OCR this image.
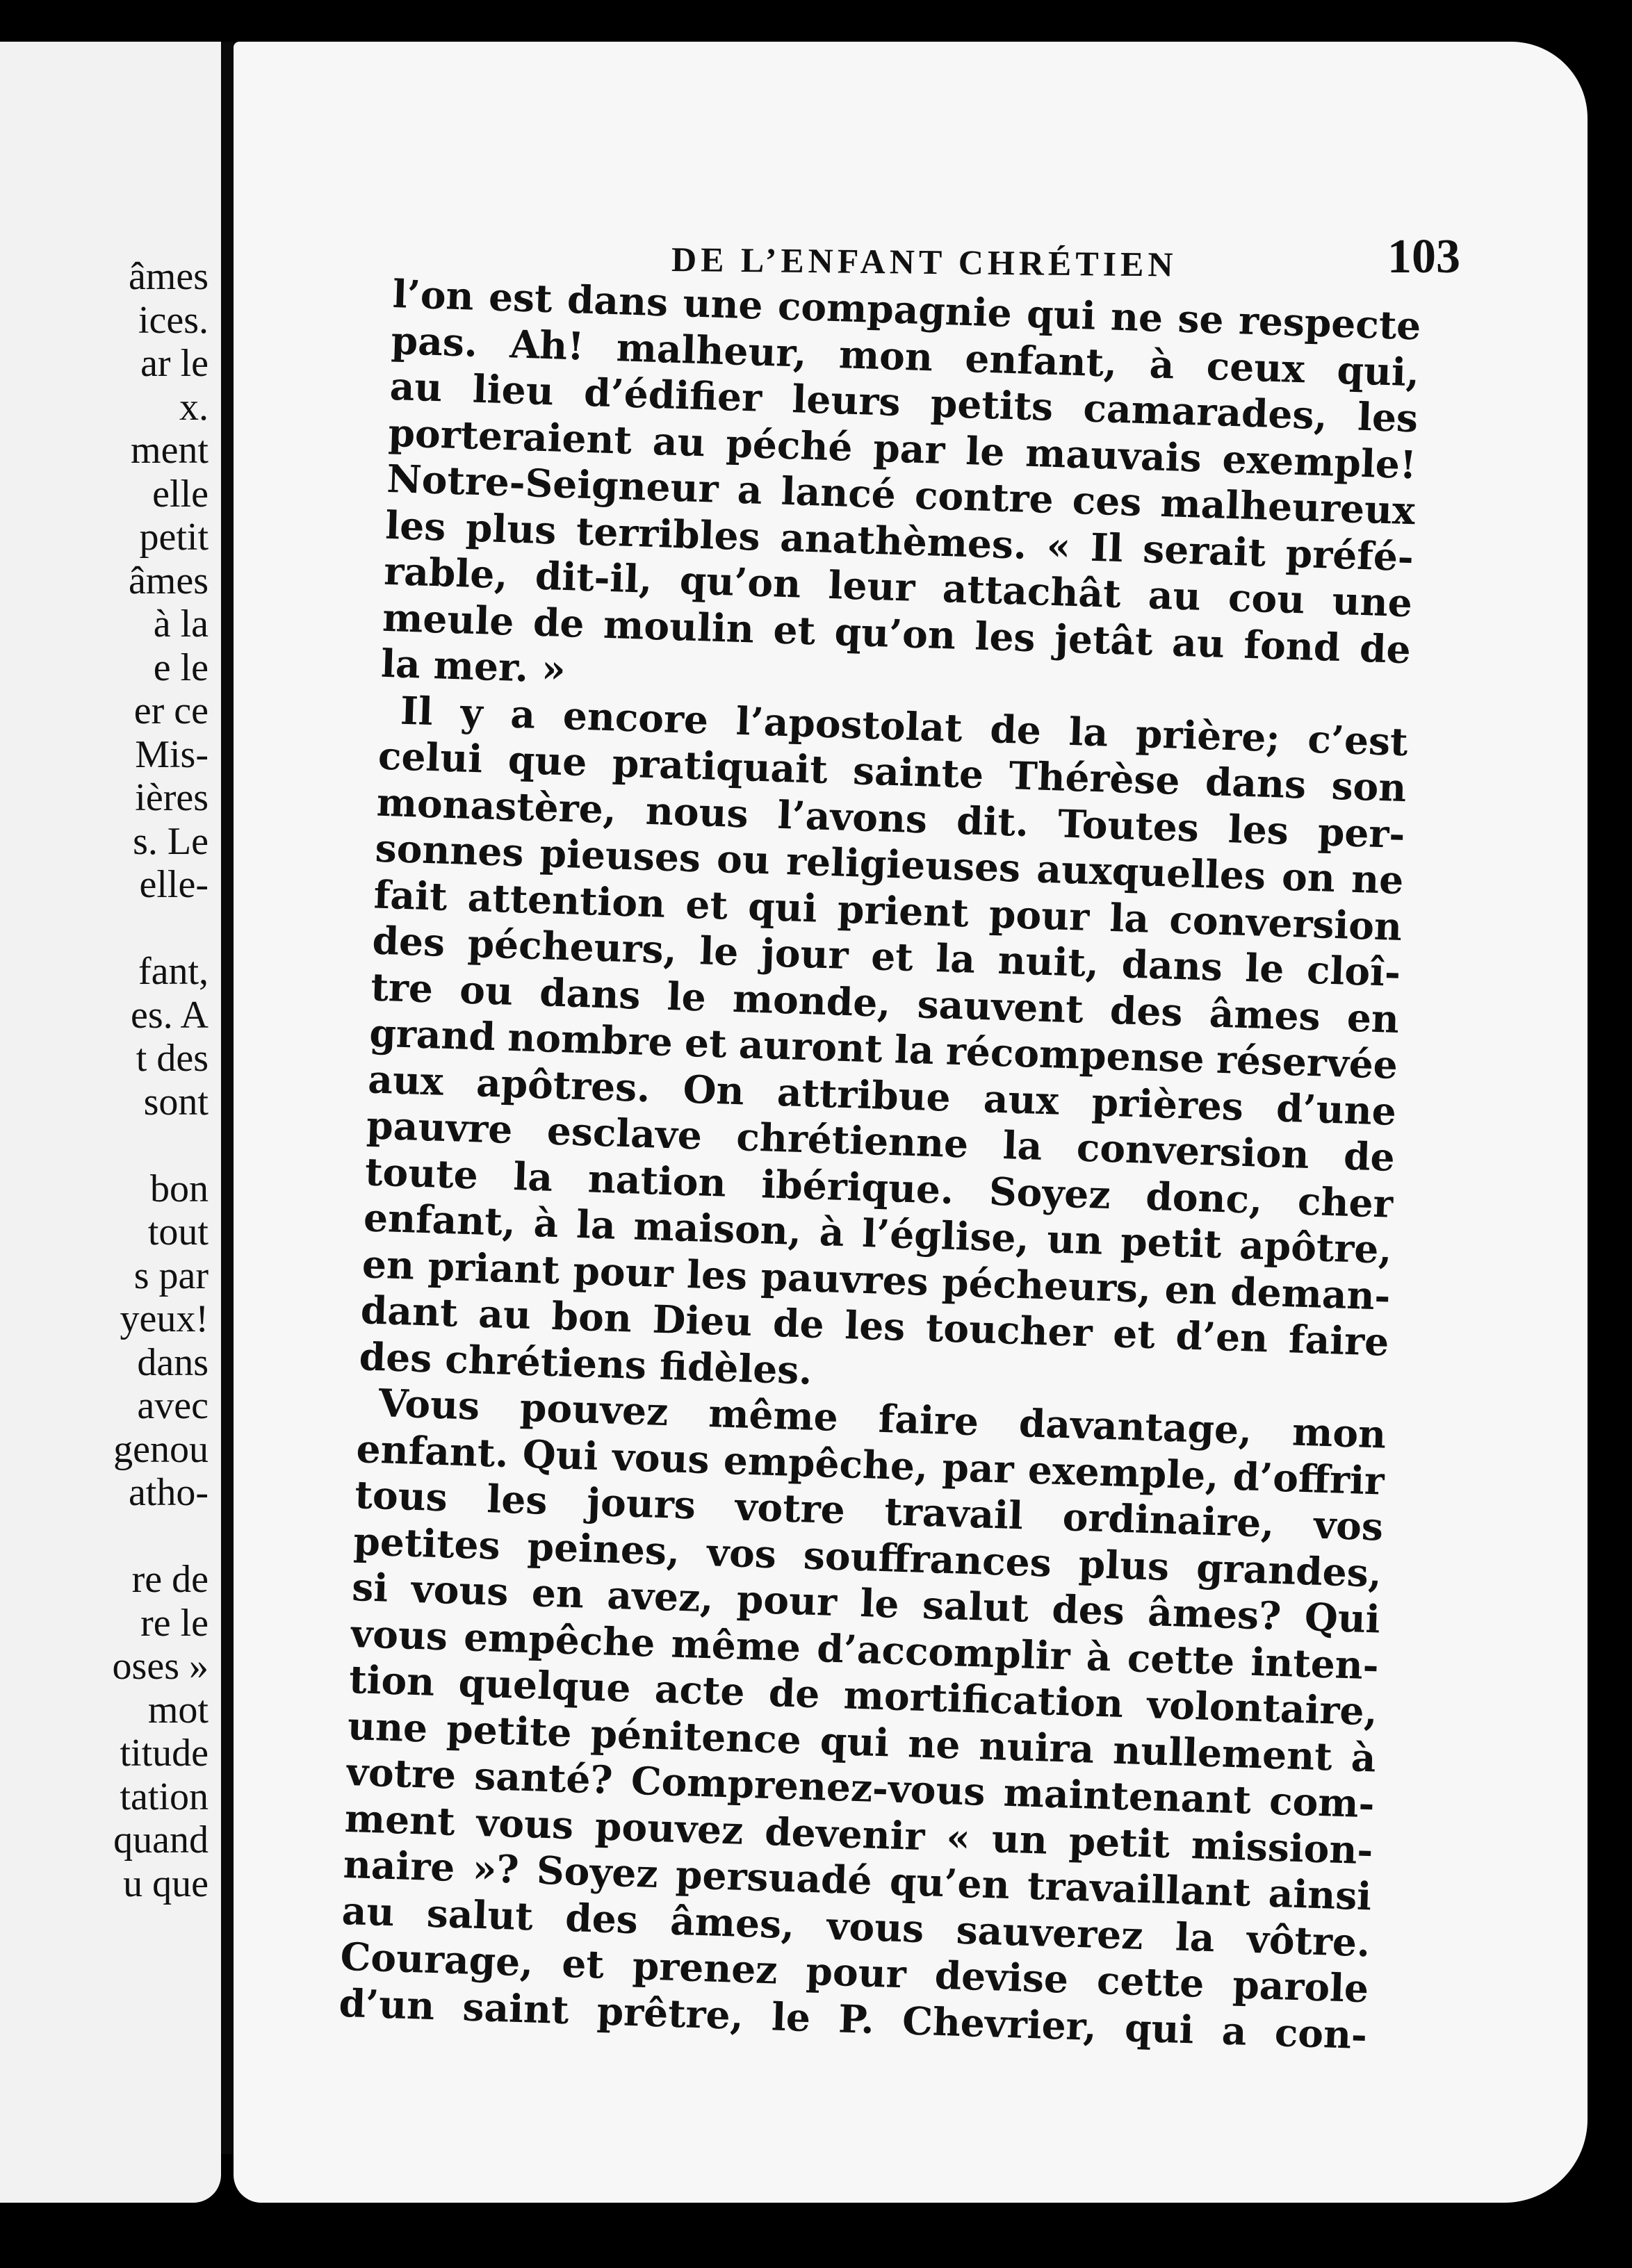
âmes
ices.
ar le
x.
ment
elle
petit
âmes
à la
e le
er ce
Mis-
ières
s. Le
elle-
fant,
es. A
t des
sont
bon
tout
s par
yeux!
dans
avec
genou
atho-
re de
re le
oses »
mot
titude
tation
quand
u que
DE L’ENFANT CHRÉTIEN	103
l’on est dans une compagnie qui ne se respecte
pas. Ah! malheur, mon enfant, à ceux qui,
au lieu d’édifier leurs petits camarades, les
porteraient au péché par le mauvais exemple!
Notre-Seigneur a lancé contre ces malheureux
les plus terribles anathèmes. « Il serait préfé-
rable, dit-il, qu’on leur attachât au cou une
meule de moulin et qu’on les jetât au fond de
la mer. »
Il y a encore l’apostolat de la prière; c’est
celui que pratiquait sainte Thérèse dans son
monastère, nous l’avons dit. Toutes les per-
sonnes pieuses ou religieuses auxquelles on ne
fait attention et qui prient pour la conversion
des pécheurs, le jour et la nuit, dans le cloî-
tre ou dans le monde, sauvent des âmes en
grand nombre et auront la récompense réservée
aux apôtres. On attribue aux prières d’une
pauvre esclave chrétienne la conversion de
toute la nation ibérique. Soyez donc, cher
enfant, à la maison, à l’église, un petit apôtre,
en priant pour les pauvres pécheurs, en deman-
dant au bon Dieu de les toucher et d’en faire
des chrétiens fidèles.
Vous pouvez même faire davantage, mon
enfant. Qui vous empêche, par exemple, d’offrir
tous les jours votre travail ordinaire, vos
petites peines, vos souffrances plus grandes,
si vous en avez, pour le salut des âmes? Qui
vous empêche même d’accomplir à cette inten-
tion quelque acte de mortification volontaire,
une petite pénitence qui ne nuira nullement à
votre santé? Comprenez-vous maintenant com-
ment vous pouvez devenir « un petit mission-
naire »? Soyez persuadé qu’en travaillant ainsi
au salut des âmes, vous sauverez la vôtre.
Courage, et prenez pour devise cette parole
d’un saint prêtre, le P. Chevrier, qui a con-
